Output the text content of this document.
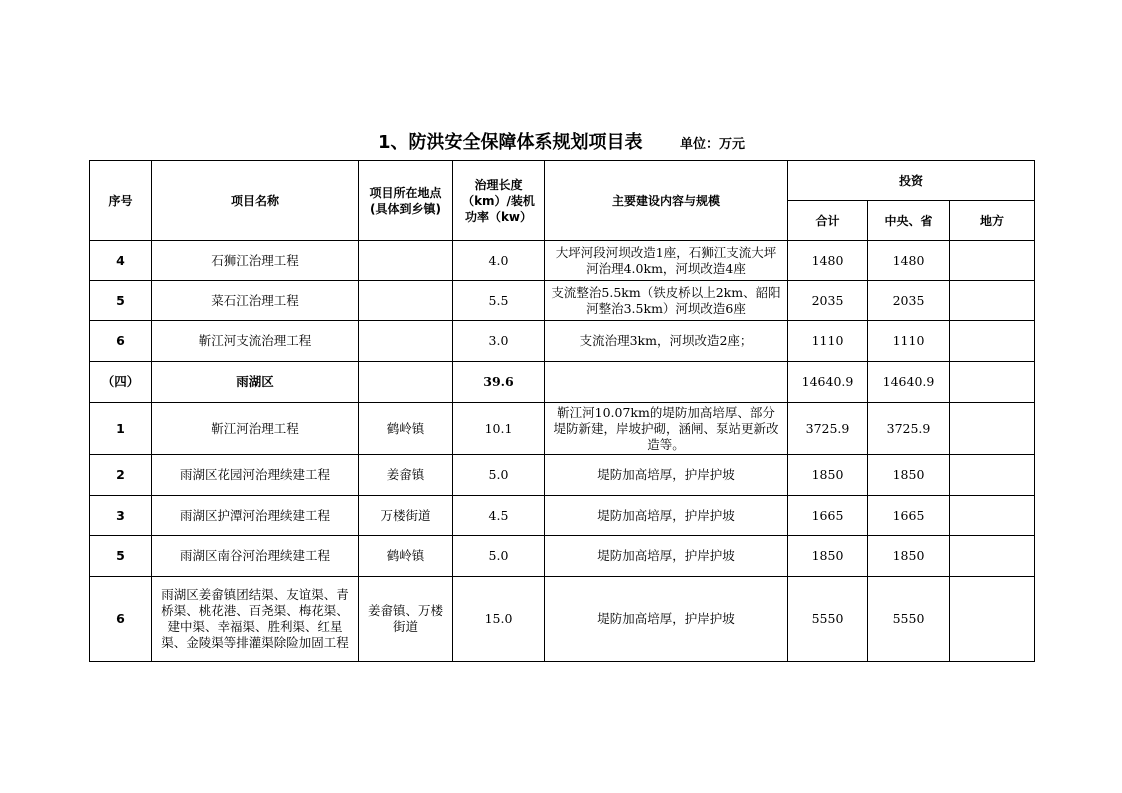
1、防洪安全保障体系规划项目表	单位：万元
序号	项目名称	项目所在地点(具体到乡镇)	治理长度（km）/装机功率（kw）	主要建设内容与规模	投资		
					合计	中央、省	地方
4	石狮江治理工程		4.0	大坪河段河坝改造1座，石狮江支流大坪河治理4.0km，河坝改造4座	1480	1480	
5	菜石江治理工程		5.5	支流整治5.5km（铁皮桥以上2km、韶阳河整治3.5km）河坝改造6座	2035	2035	
6	靳江河支流治理工程		3.0	支流治理3km，河坝改造2座；	1110	1110	
（四）	雨湖区		39.6		14640.9	14640.9	
1	靳江河治理工程	鹤岭镇	10.1	靳江河10.07km的堤防加高培厚、部分堤防新建，岸坡护砌，涵闸、泵站更新改造等。	3725.9	3725.9	
2	雨湖区花园河治理续建工程	姜畲镇	5.0	堤防加高培厚，护岸护坡	1850	1850	
3	雨湖区护潭河治理续建工程	万楼街道	4.5	堤防加高培厚，护岸护坡	1665	1665	
5	雨湖区南谷河治理续建工程	鹤岭镇	5.0	堤防加高培厚，护岸护坡	1850	1850	
6	雨湖区姜畲镇团结渠、友谊渠、青桥渠、桃花港、百尧渠、梅花渠、建中渠、幸福渠、胜利渠、红星渠、金陵渠等排灌渠除险加固工程	姜畲镇、万楼街道	15.0	堤防加高培厚，护岸护坡	5550	5550	
